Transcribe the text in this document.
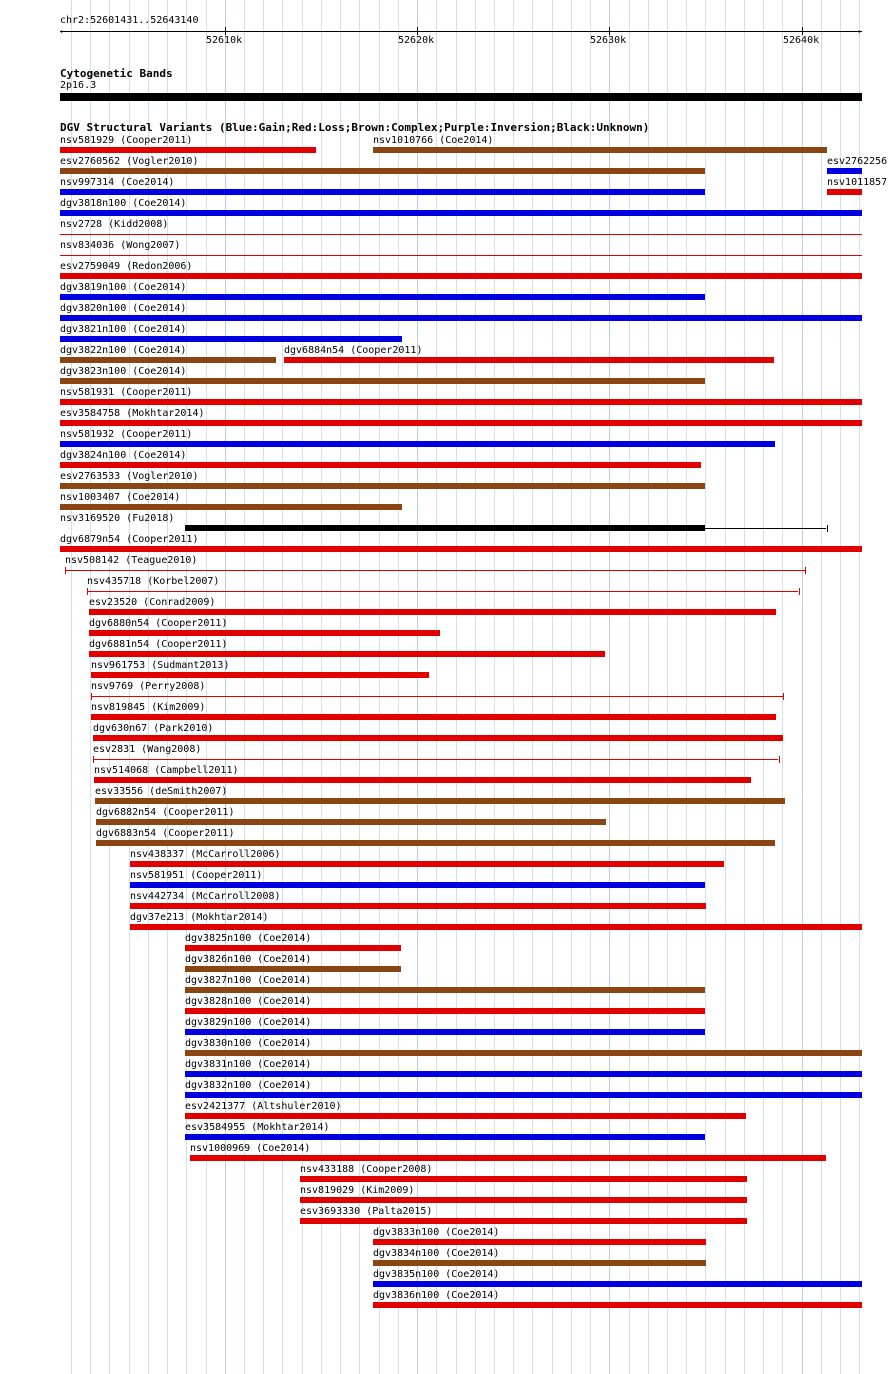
chr2:52601431..52643140
‹	›
52610k	52620k	52630k	52640k
Cytogenetic Bands
2p16.3
DGV Structural Variants (Blue:Gain;Red:Loss;Brown:Complex;Purple:Inversion;Black:Unknown)
nsv581929 (Cooper2011)	nsv1010766 (Coe2014)
esv2760562 (Vogler2010)	esv2762256
nsv997314 (Coe2014)	nsv1011857
dgv3818n100 (Coe2014)
nsv2728 (Kidd2008)
nsv834036 (Wong2007)
esv2759049 (Redon2006)
dgv3819n100 (Coe2014)
dgv3820n100 (Coe2014)
dgv3821n100 (Coe2014)
dgv3822n100 (Coe2014)	dgv6884n54 (Cooper2011)
dgv3823n100 (Coe2014)
nsv581931 (Cooper2011)
esv3584758 (Mokhtar2014)
nsv581932 (Cooper2011)
dgv3824n100 (Coe2014)
esv2763533 (Vogler2010)
nsv1003407 (Coe2014)
nsv3169520 (Fu2018)
dgv6879n54 (Cooper2011)
nsv508142 (Teague2010)
nsv435718 (Korbel2007)
esv23520 (Conrad2009)
dgv6880n54 (Cooper2011)
dgv6881n54 (Cooper2011)
nsv961753 (Sudmant2013)
nsv9769 (Perry2008)
nsv819845 (Kim2009)
dgv630n67 (Park2010)
esv2831 (Wang2008)
nsv514068 (Campbell2011)
esv33556 (deSmith2007)
dgv6882n54 (Cooper2011)
dgv6883n54 (Cooper2011)
nsv438337 (McCarroll2006)
nsv581951 (Cooper2011)
nsv442734 (McCarroll2008)
dgv37e213 (Mokhtar2014)
dgv3825n100 (Coe2014)
dgv3826n100 (Coe2014)
dgv3827n100 (Coe2014)
dgv3828n100 (Coe2014)
dgv3829n100 (Coe2014)
dgv3830n100 (Coe2014)
dgv3831n100 (Coe2014)
dgv3832n100 (Coe2014)
esv2421377 (Altshuler2010)
esv3584955 (Mokhtar2014)
nsv1000969 (Coe2014)
nsv433188 (Cooper2008)
nsv819029 (Kim2009)
esv3693330 (Palta2015)
dgv3833n100 (Coe2014)
dgv3834n100 (Coe2014)
dgv3835n100 (Coe2014)
dgv3836n100 (Coe2014)
